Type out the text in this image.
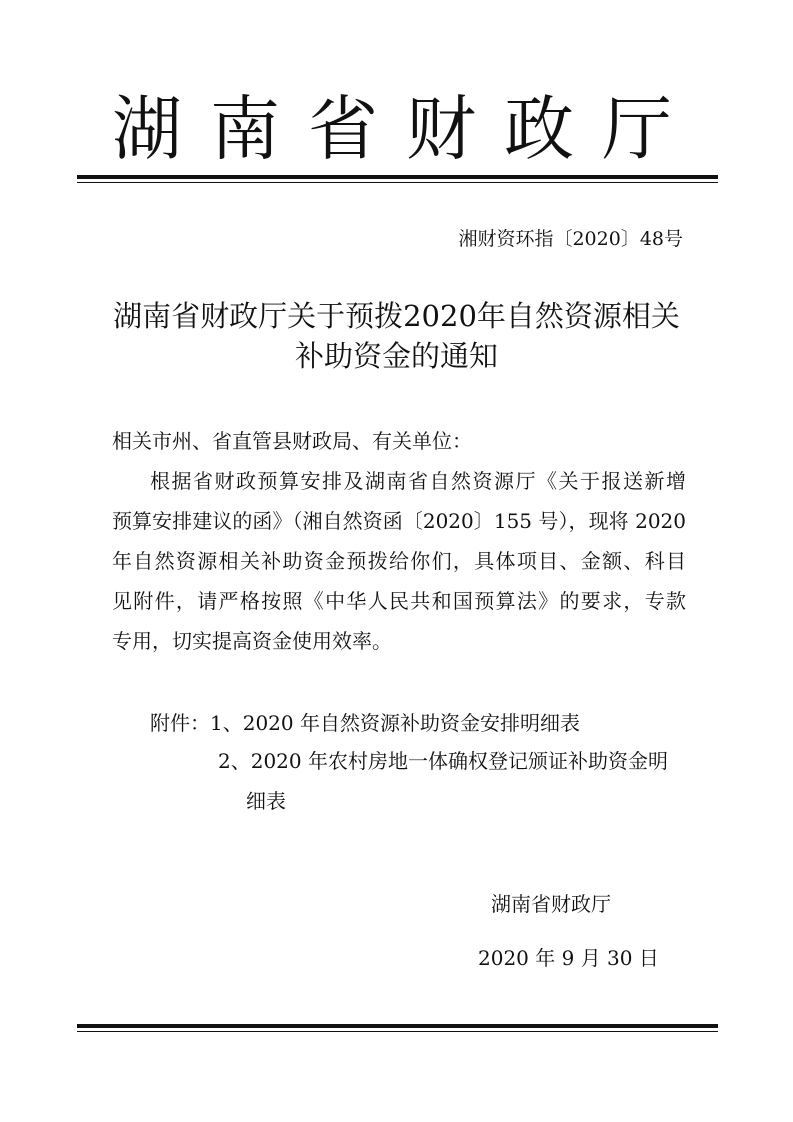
湖南省财政厅
湘财资环指〔2020〕48号
湖南省财政厅关于预拨2020年自然资源相关
补助资金的通知
相关市州、省直管县财政局、有关单位：
根据省财政预算安排及湖南省自然资源厅《关于报送新增
预算安排建议的函》（湘自然资函〔2020〕155 号），现将 2020
年自然资源相关补助资金预拨给你们，具体项目、金额、科目
见附件，请严格按照《中华人民共和国预算法》的要求，专款
专用，切实提高资金使用效率。
附件：1、2020 年自然资源补助资金安排明细表
2、2020 年农村房地一体确权登记颁证补助资金明
细表
湖南省财政厅
2020 年 9 月 30 日
